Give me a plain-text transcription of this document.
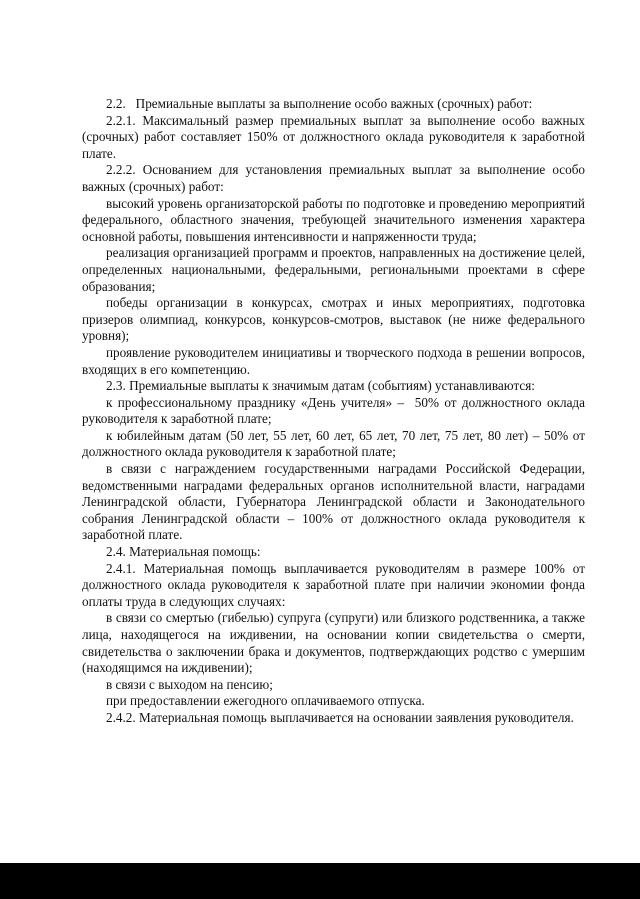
2.2.   Премиальные выплаты за выполнение особо важных (срочных) работ:

2.2.1. Максимальный размер премиальных выплат за выполнение особо важных (срочных) работ составляет 150% от должностного оклада руководителя к заработной плате.

2.2.2. Основанием для установления премиальных выплат за выполнение особо важных (срочных) работ:

высокий уровень организаторской работы по подготовке и проведению мероприятий федерального, областного значения, требующей значительного изменения характера основной работы, повышения интенсивности и напряженности труда;

реализация организацией программ и проектов, направленных на достижение целей, определенных национальными, федеральными, региональными проектами в сфере образования;

победы организации в конкурсах, смотрах и иных мероприятиях, подготовка призеров олимпиад, конкурсов, конкурсов-смотров, выставок (не ниже федерального уровня);

проявление руководителем инициативы и творческого подхода в решении вопросов, входящих в его компетенцию.

2.3. Премиальные выплаты к значимым датам (событиям) устанавливаются:

к профессиональному празднику «День учителя» –  50% от должностного оклада руководителя к заработной плате;

к юбилейным датам (50 лет, 55 лет, 60 лет, 65 лет, 70 лет, 75 лет, 80 лет) – 50% от должностного оклада руководителя к заработной плате;

в связи с награждением государственными наградами Российской Федерации, ведомственными наградами федеральных органов исполнительной власти, наградами Ленинградской области, Губернатора Ленинградской области и Законодательного собрания Ленинградской области – 100% от должностного оклада руководителя к заработной плате.

2.4. Материальная помощь:

2.4.1. Материальная помощь выплачивается руководителям в размере 100% от должностного оклада руководителя к заработной плате при наличии экономии фонда оплаты труда в следующих случаях:

в связи со смертью (гибелью) супруга (супруги) или близкого родственника, а также лица, находящегося на иждивении, на основании копии свидетельства о смерти, свидетельства о заключении брака и документов, подтверждающих родство с умершим (находящимся на иждивении);

в связи с выходом на пенсию;

при предоставлении ежегодного оплачиваемого отпуска.

2.4.2. Материальная помощь выплачивается на основании заявления руководителя.
